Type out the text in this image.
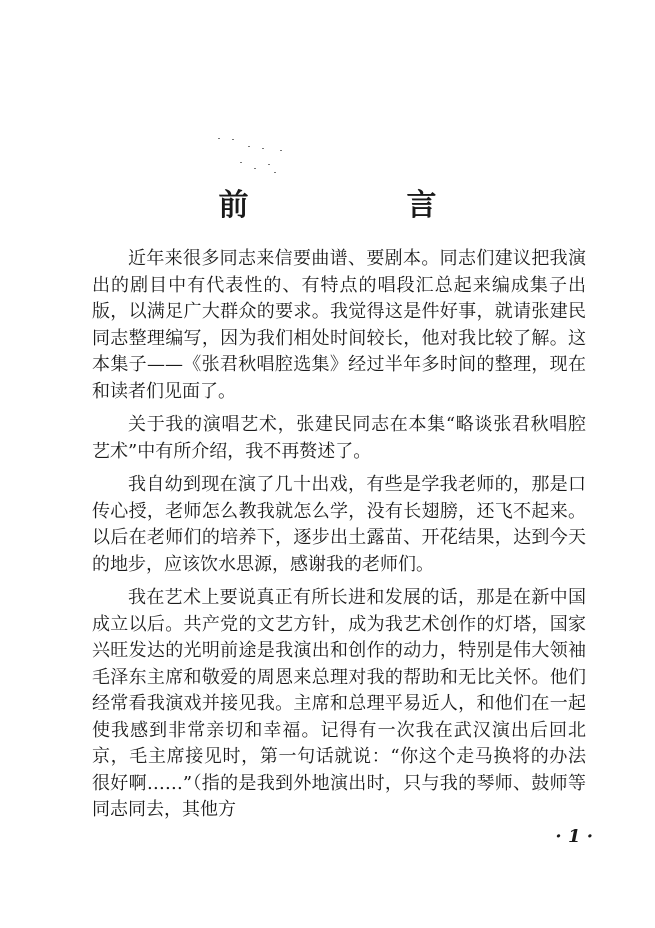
前　言

近年来很多同志来信要曲谱、要剧本。同志们建议把我演出的剧目中有代表性的、有特点的唱段汇总起来编成集子出版，以满足广大群众的要求。我觉得这是件好事，就请张建民同志整理编写，因为我们相处时间较长，他对我比较了解。这本集子——《张君秋唱腔选集》经过半年多时间的整理，现在和读者们见面了。

关于我的演唱艺术，张建民同志在本集“略谈张君秋唱腔艺术”中有所介绍，我不再赘述了。

我自幼到现在演了几十出戏，有些是学我老师的，那是口传心授，老师怎么教我就怎么学，没有长翅膀，还飞不起来。以后在老师们的培养下，逐步出土露苗、开花结果，达到今天的地步，应该饮水思源，感谢我的老师们。

我在艺术上要说真正有所长进和发展的话，那是在新中国成立以后。共产党的文艺方针，成为我艺术创作的灯塔，国家兴旺发达的光明前途是我演出和创作的动力，特别是伟大领袖毛泽东主席和敬爱的周恩来总理对我的帮助和无比关怀。他们经常看我演戏并接见我。主席和总理平易近人，和他们在一起使我感到非常亲切和幸福。记得有一次我在武汉演出后回北京，毛主席接见时，第一句话就说：“你这个走马换将的办法很好啊……”（指的是我到外地演出时，只与我的琴师、鼓师等同志同去，其他方

· 1 ·
